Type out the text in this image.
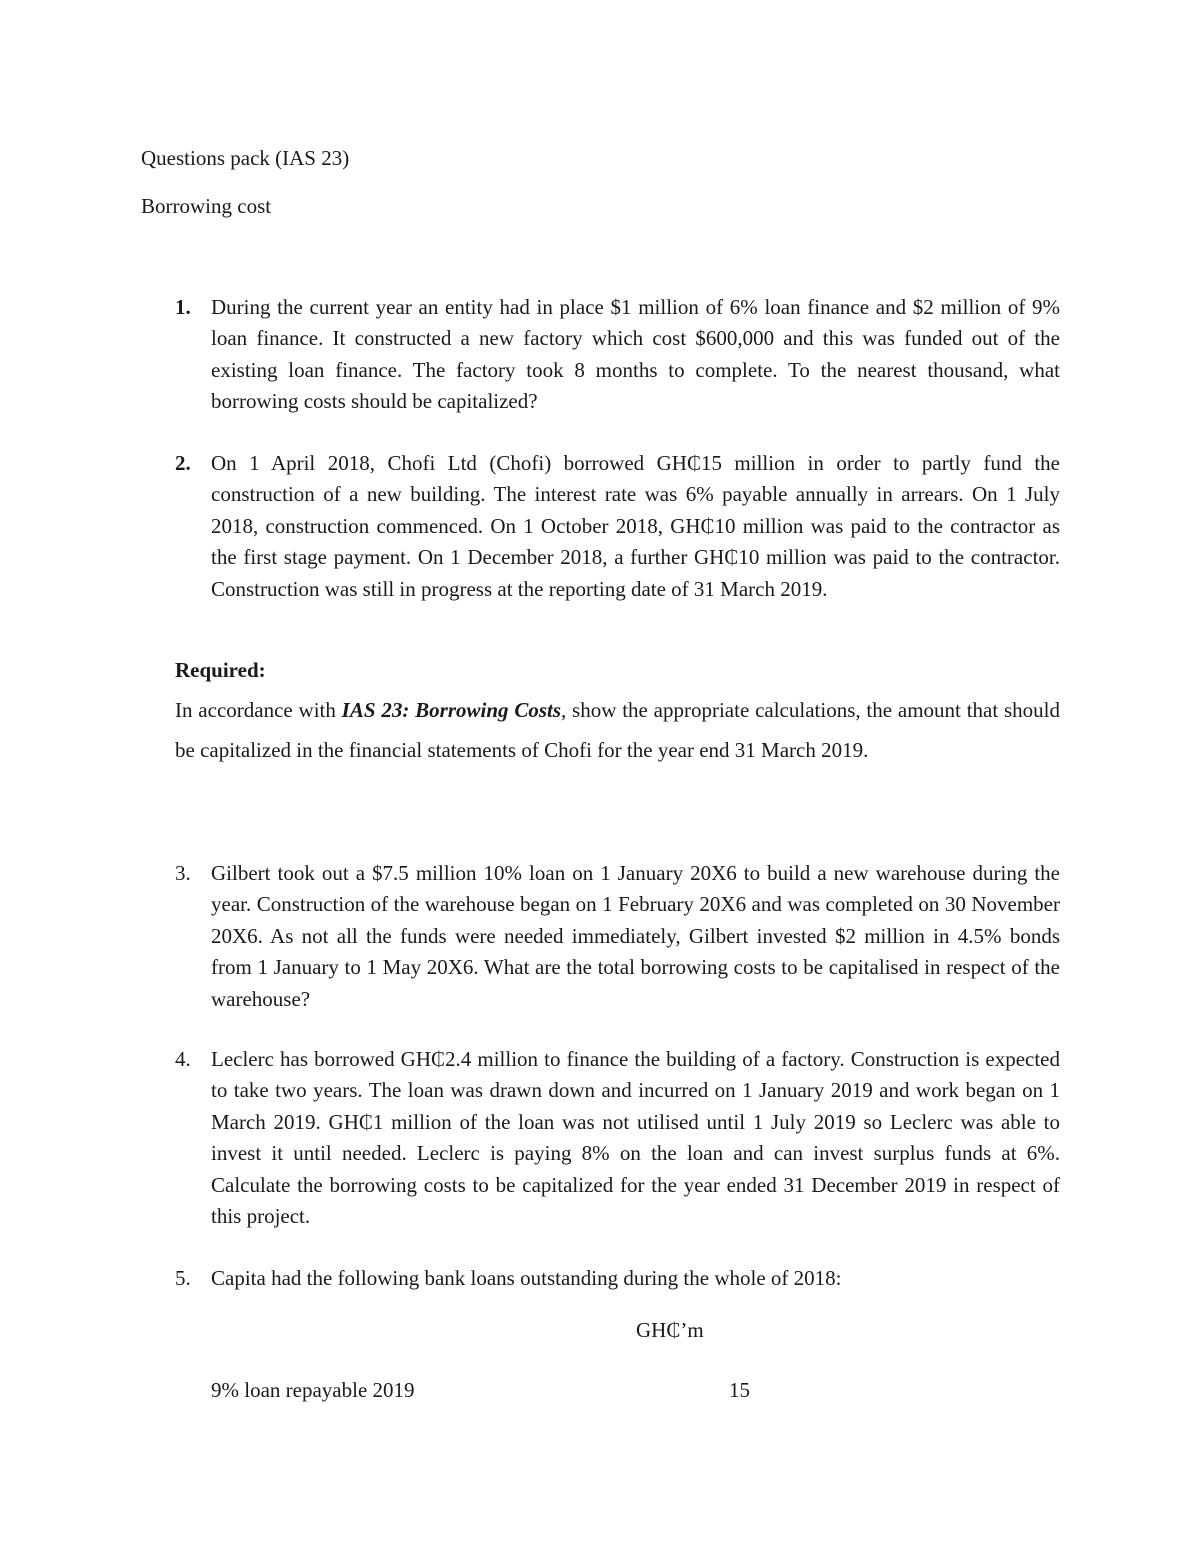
Questions pack (IAS 23)
Borrowing cost
1. During the current year an entity had in place $1 million of 6% loan finance and $2 million of 9% loan finance. It constructed a new factory which cost $600,000 and this was funded out of the existing loan finance. The factory took 8 months to complete. To the nearest thousand, what borrowing costs should be capitalized?
2. On 1 April 2018, Chofi Ltd (Chofi) borrowed GH₵15 million in order to partly fund the construction of a new building. The interest rate was 6% payable annually in arrears. On 1 July 2018, construction commenced. On 1 October 2018, GH₵10 million was paid to the contractor as the first stage payment. On 1 December 2018, a further GH₵10 million was paid to the contractor. Construction was still in progress at the reporting date of 31 March 2019.
Required:
In accordance with IAS 23: Borrowing Costs, show the appropriate calculations, the amount that should be capitalized in the financial statements of Chofi for the year end 31 March 2019.
3. Gilbert took out a $7.5 million 10% loan on 1 January 20X6 to build a new warehouse during the year. Construction of the warehouse began on 1 February 20X6 and was completed on 30 November 20X6. As not all the funds were needed immediately, Gilbert invested $2 million in 4.5% bonds from 1 January to 1 May 20X6. What are the total borrowing costs to be capitalised in respect of the warehouse?
4. Leclerc has borrowed GH₵2.4 million to finance the building of a factory. Construction is expected to take two years. The loan was drawn down and incurred on 1 January 2019 and work began on 1 March 2019. GH₵1 million of the loan was not utilised until 1 July 2019 so Leclerc was able to invest it until needed. Leclerc is paying 8% on the loan and can invest surplus funds at 6%. Calculate the borrowing costs to be capitalized for the year ended 31 December 2019 in respect of this project.
5. Capita had the following bank loans outstanding during the whole of 2018:
GH₵’m
9% loan repayable 2019	15
